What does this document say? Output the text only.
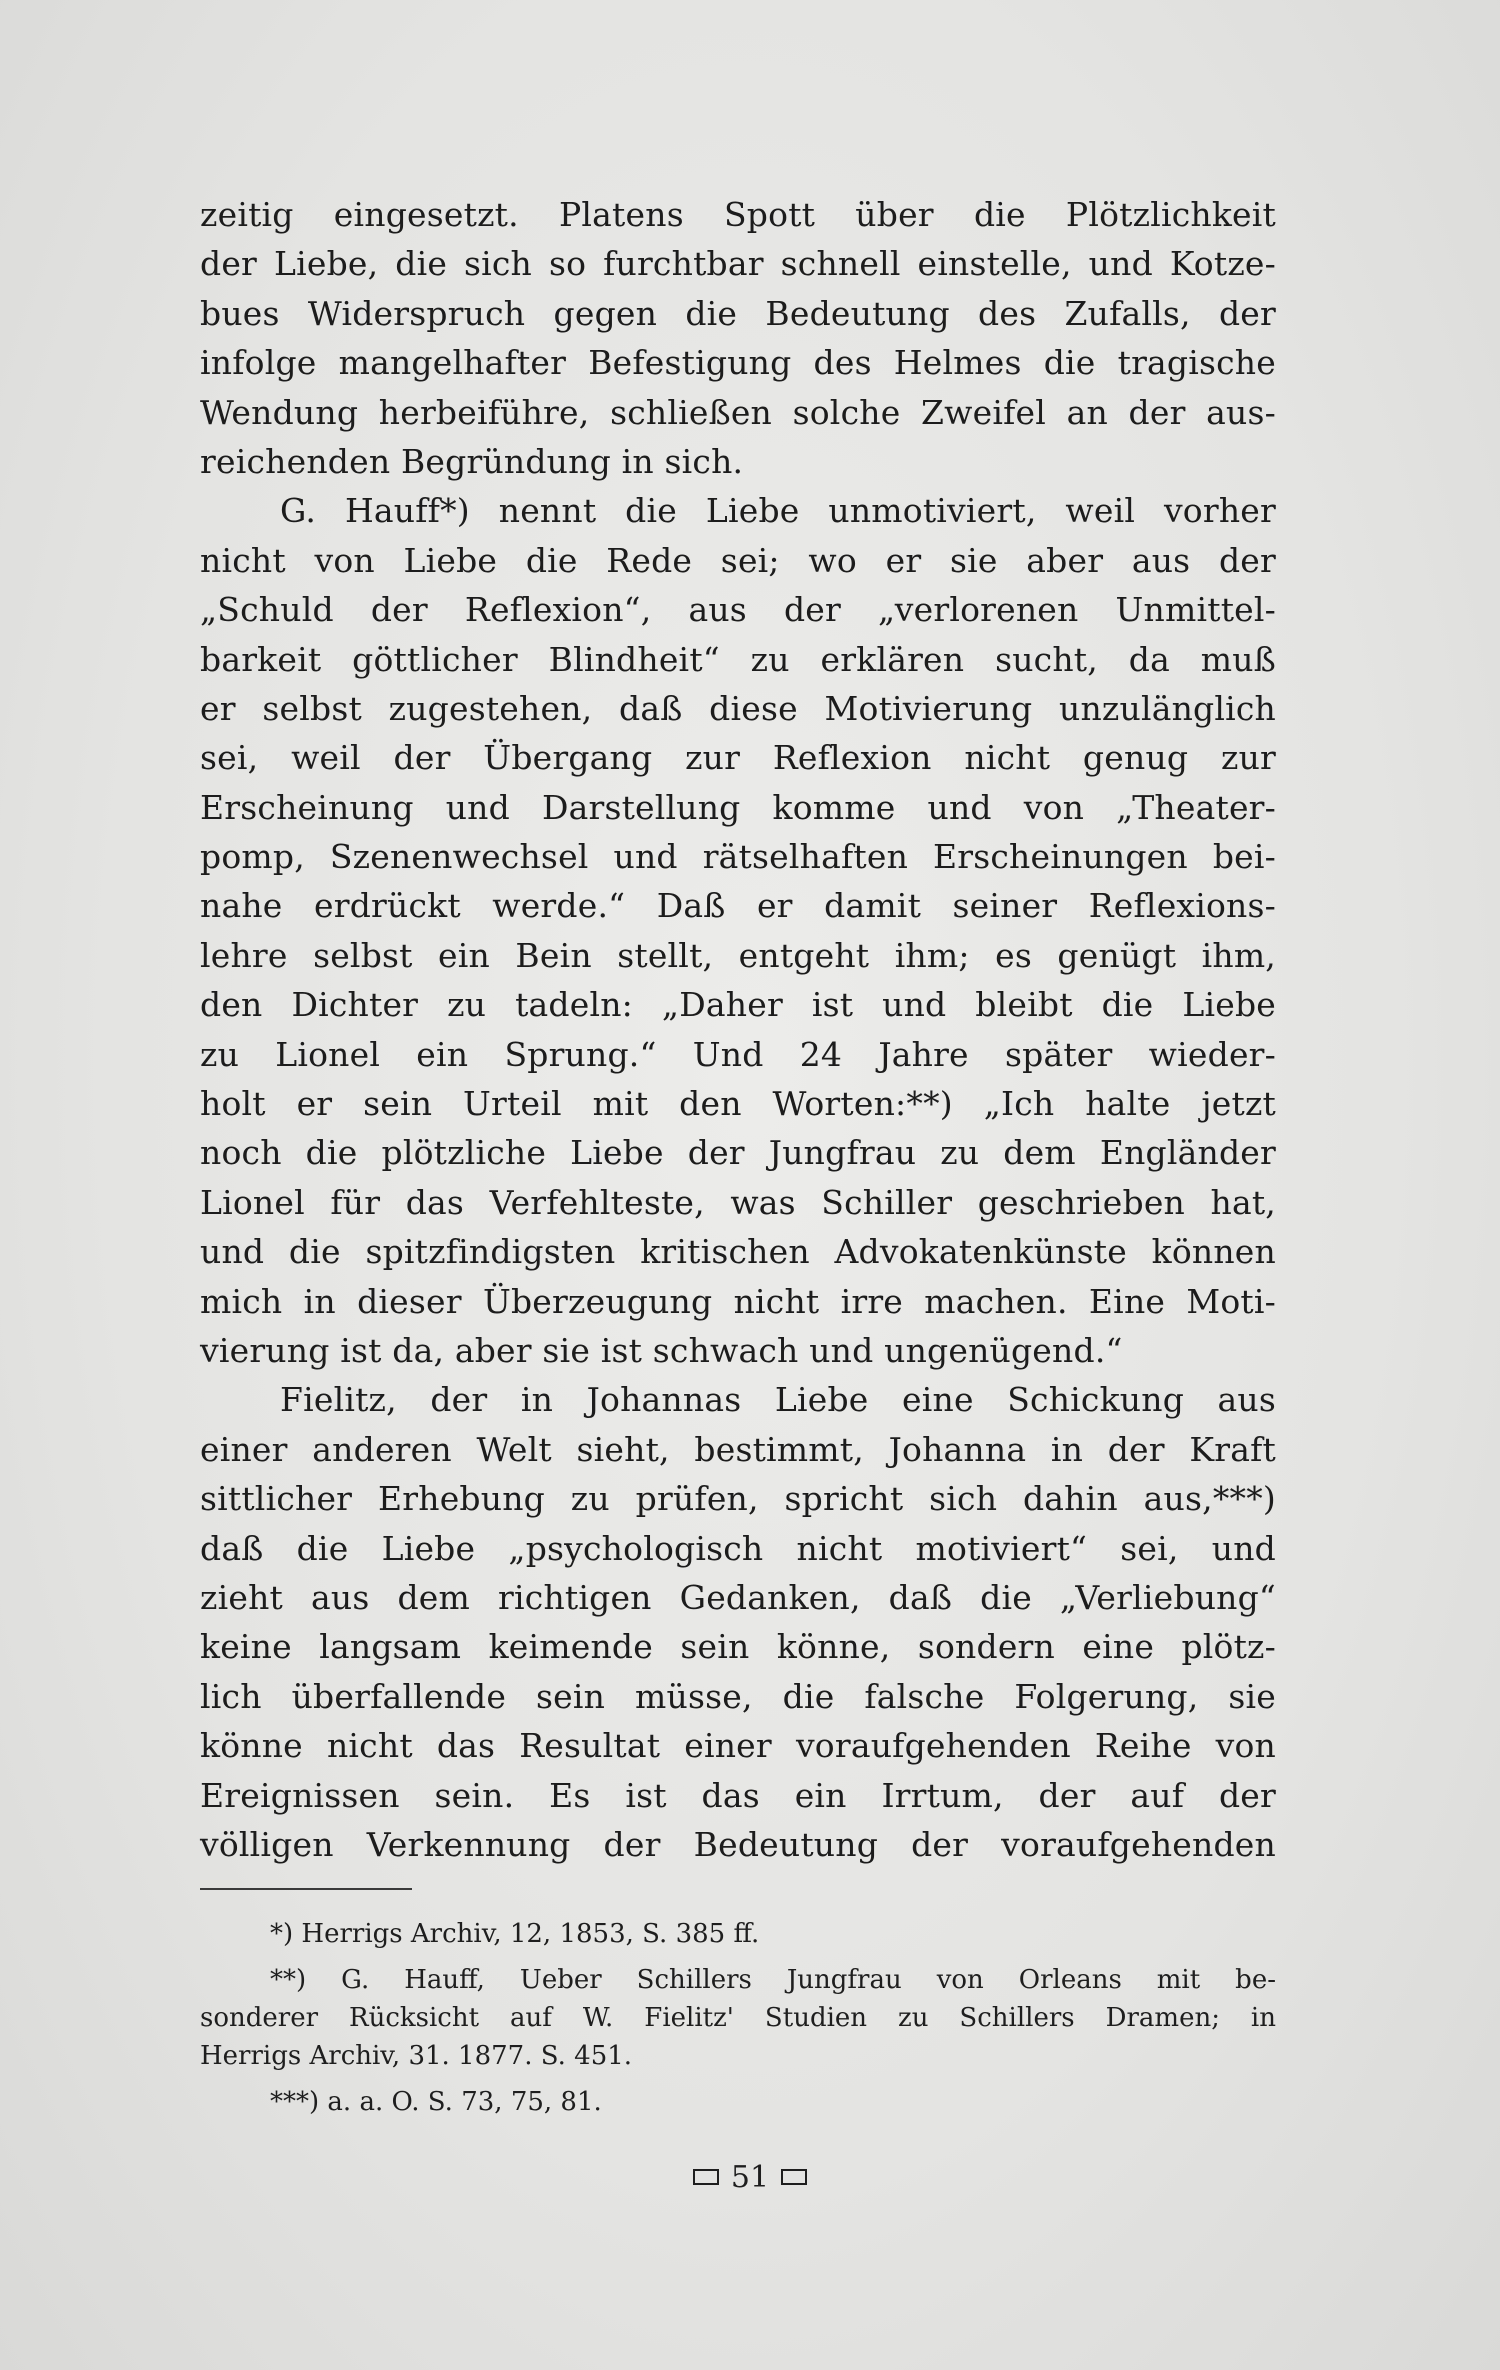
zeitig eingesetzt. Platens Spott über die Plötzlichkeit
der Liebe, die sich so furchtbar schnell einstelle, und Kotze-
bues Widerspruch gegen die Bedeutung des Zufalls, der
infolge mangelhafter Befestigung des Helmes die tragische
Wendung herbeiführe, schließen solche Zweifel an der aus-
reichenden Begründung in sich.
G. Hauff*) nennt die Liebe unmotiviert, weil vorher
nicht von Liebe die Rede sei; wo er sie aber aus der
„Schuld der Reflexion“, aus der „verlorenen Unmittel-
barkeit göttlicher Blindheit“ zu erklären sucht, da muß
er selbst zugestehen, daß diese Motivierung unzulänglich
sei, weil der Übergang zur Reflexion nicht genug zur
Erscheinung und Darstellung komme und von „Theater-
pomp, Szenenwechsel und rätselhaften Erscheinungen bei-
nahe erdrückt werde.“ Daß er damit seiner Reflexions-
lehre selbst ein Bein stellt, entgeht ihm; es genügt ihm,
den Dichter zu tadeln: „Daher ist und bleibt die Liebe
zu Lionel ein Sprung.“ Und 24 Jahre später wieder-
holt er sein Urteil mit den Worten:**) „Ich halte jetzt
noch die plötzliche Liebe der Jungfrau zu dem Engländer
Lionel für das Verfehlteste, was Schiller geschrieben hat,
und die spitzfindigsten kritischen Advokatenkünste können
mich in dieser Überzeugung nicht irre machen. Eine Moti-
vierung ist da, aber sie ist schwach und ungenügend.“
Fielitz, der in Johannas Liebe eine Schickung aus
einer anderen Welt sieht, bestimmt, Johanna in der Kraft
sittlicher Erhebung zu prüfen, spricht sich dahin aus,***)
daß die Liebe „psychologisch nicht motiviert“ sei, und
zieht aus dem richtigen Gedanken, daß die „Verliebung“
keine langsam keimende sein könne, sondern eine plötz-
lich überfallende sein müsse, die falsche Folgerung, sie
könne nicht das Resultat einer voraufgehenden Reihe von
Ereignissen sein. Es ist das ein Irrtum, der auf der
völligen Verkennung der Bedeutung der voraufgehenden
*) Herrigs Archiv, 12, 1853, S. 385 ff.
**) G. Hauff, Ueber Schillers Jungfrau von Orleans mit be-
sonderer Rücksicht auf W. Fielitz' Studien zu Schillers Dramen; in
Herrigs Archiv, 31. 1877. S. 451.
***) a. a. O. S. 73, 75, 81.
51
